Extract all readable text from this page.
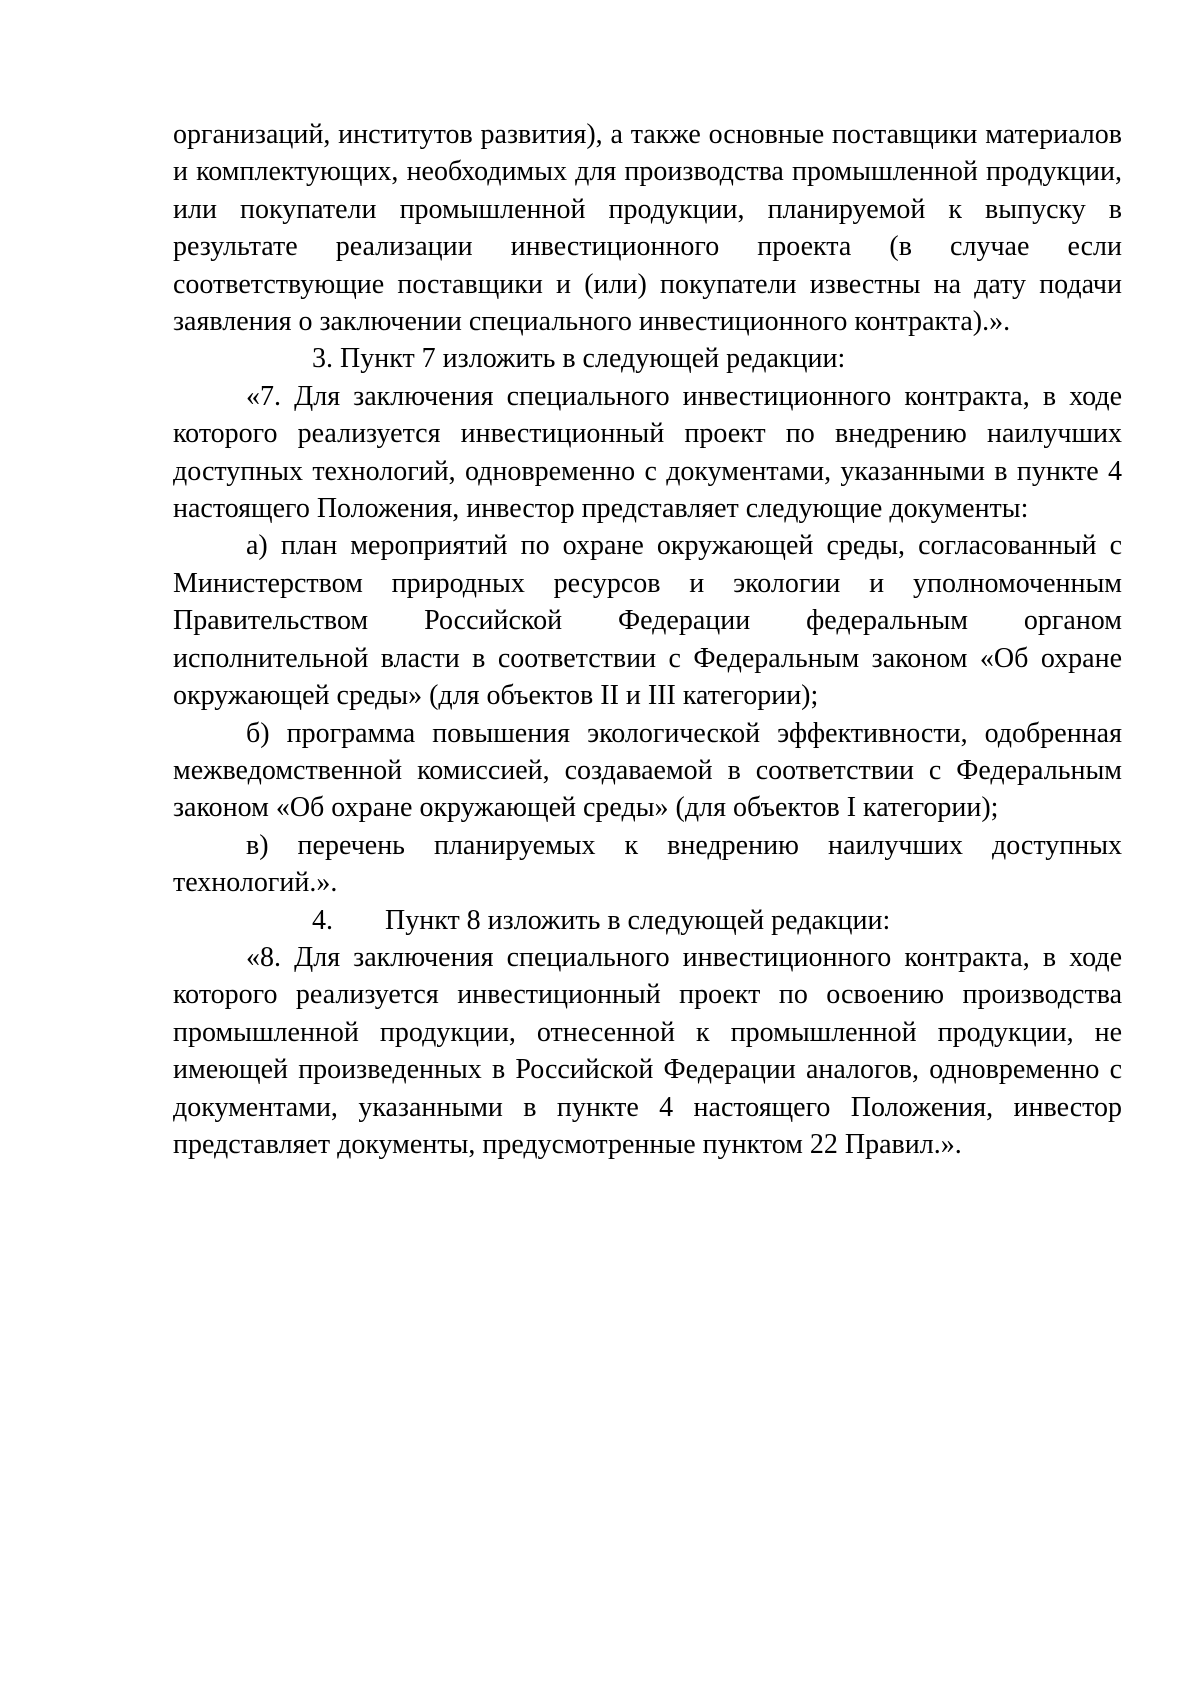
организаций, институтов развития), а также основные поставщики материалов и комплектующих, необходимых для производства промышленной продукции, или покупатели промышленной продукции, планируемой к выпуску в результате реализации инвестиционного проекта (в случае если соответствующие поставщики и (или) покупатели известны на дату подачи заявления о заключении специального инвестиционного контракта).».

3. Пункт 7 изложить в следующей редакции:

«7. Для заключения специального инвестиционного контракта, в ходе которого реализуется инвестиционный проект по внедрению наилучших доступных технологий, одновременно с документами, указанными в пункте 4 настоящего Положения, инвестор представляет следующие документы:

а) план мероприятий по охране окружающей среды, согласованный с Министерством природных ресурсов и экологии и уполномоченным Правительством Российской Федерации федеральным органом исполнительной власти в соответствии с Федеральным законом «Об охране окружающей среды» (для объектов II и III категории);

б) программа повышения экологической эффективности, одобренная межведомственной комиссией, создаваемой в соответствии с Федеральным законом «Об охране окружающей среды» (для объектов I категории);

в) перечень планируемых к внедрению наилучших доступных технологий.».

4. Пункт 8 изложить в следующей редакции:

«8. Для заключения специального инвестиционного контракта, в ходе которого реализуется инвестиционный проект по освоению производства промышленной продукции, отнесенной к промышленной продукции, не имеющей произведенных в Российской Федерации аналогов, одновременно с документами, указанными в пункте 4 настоящего Положения, инвестор представляет документы, предусмотренные пунктом 22 Правил.».
